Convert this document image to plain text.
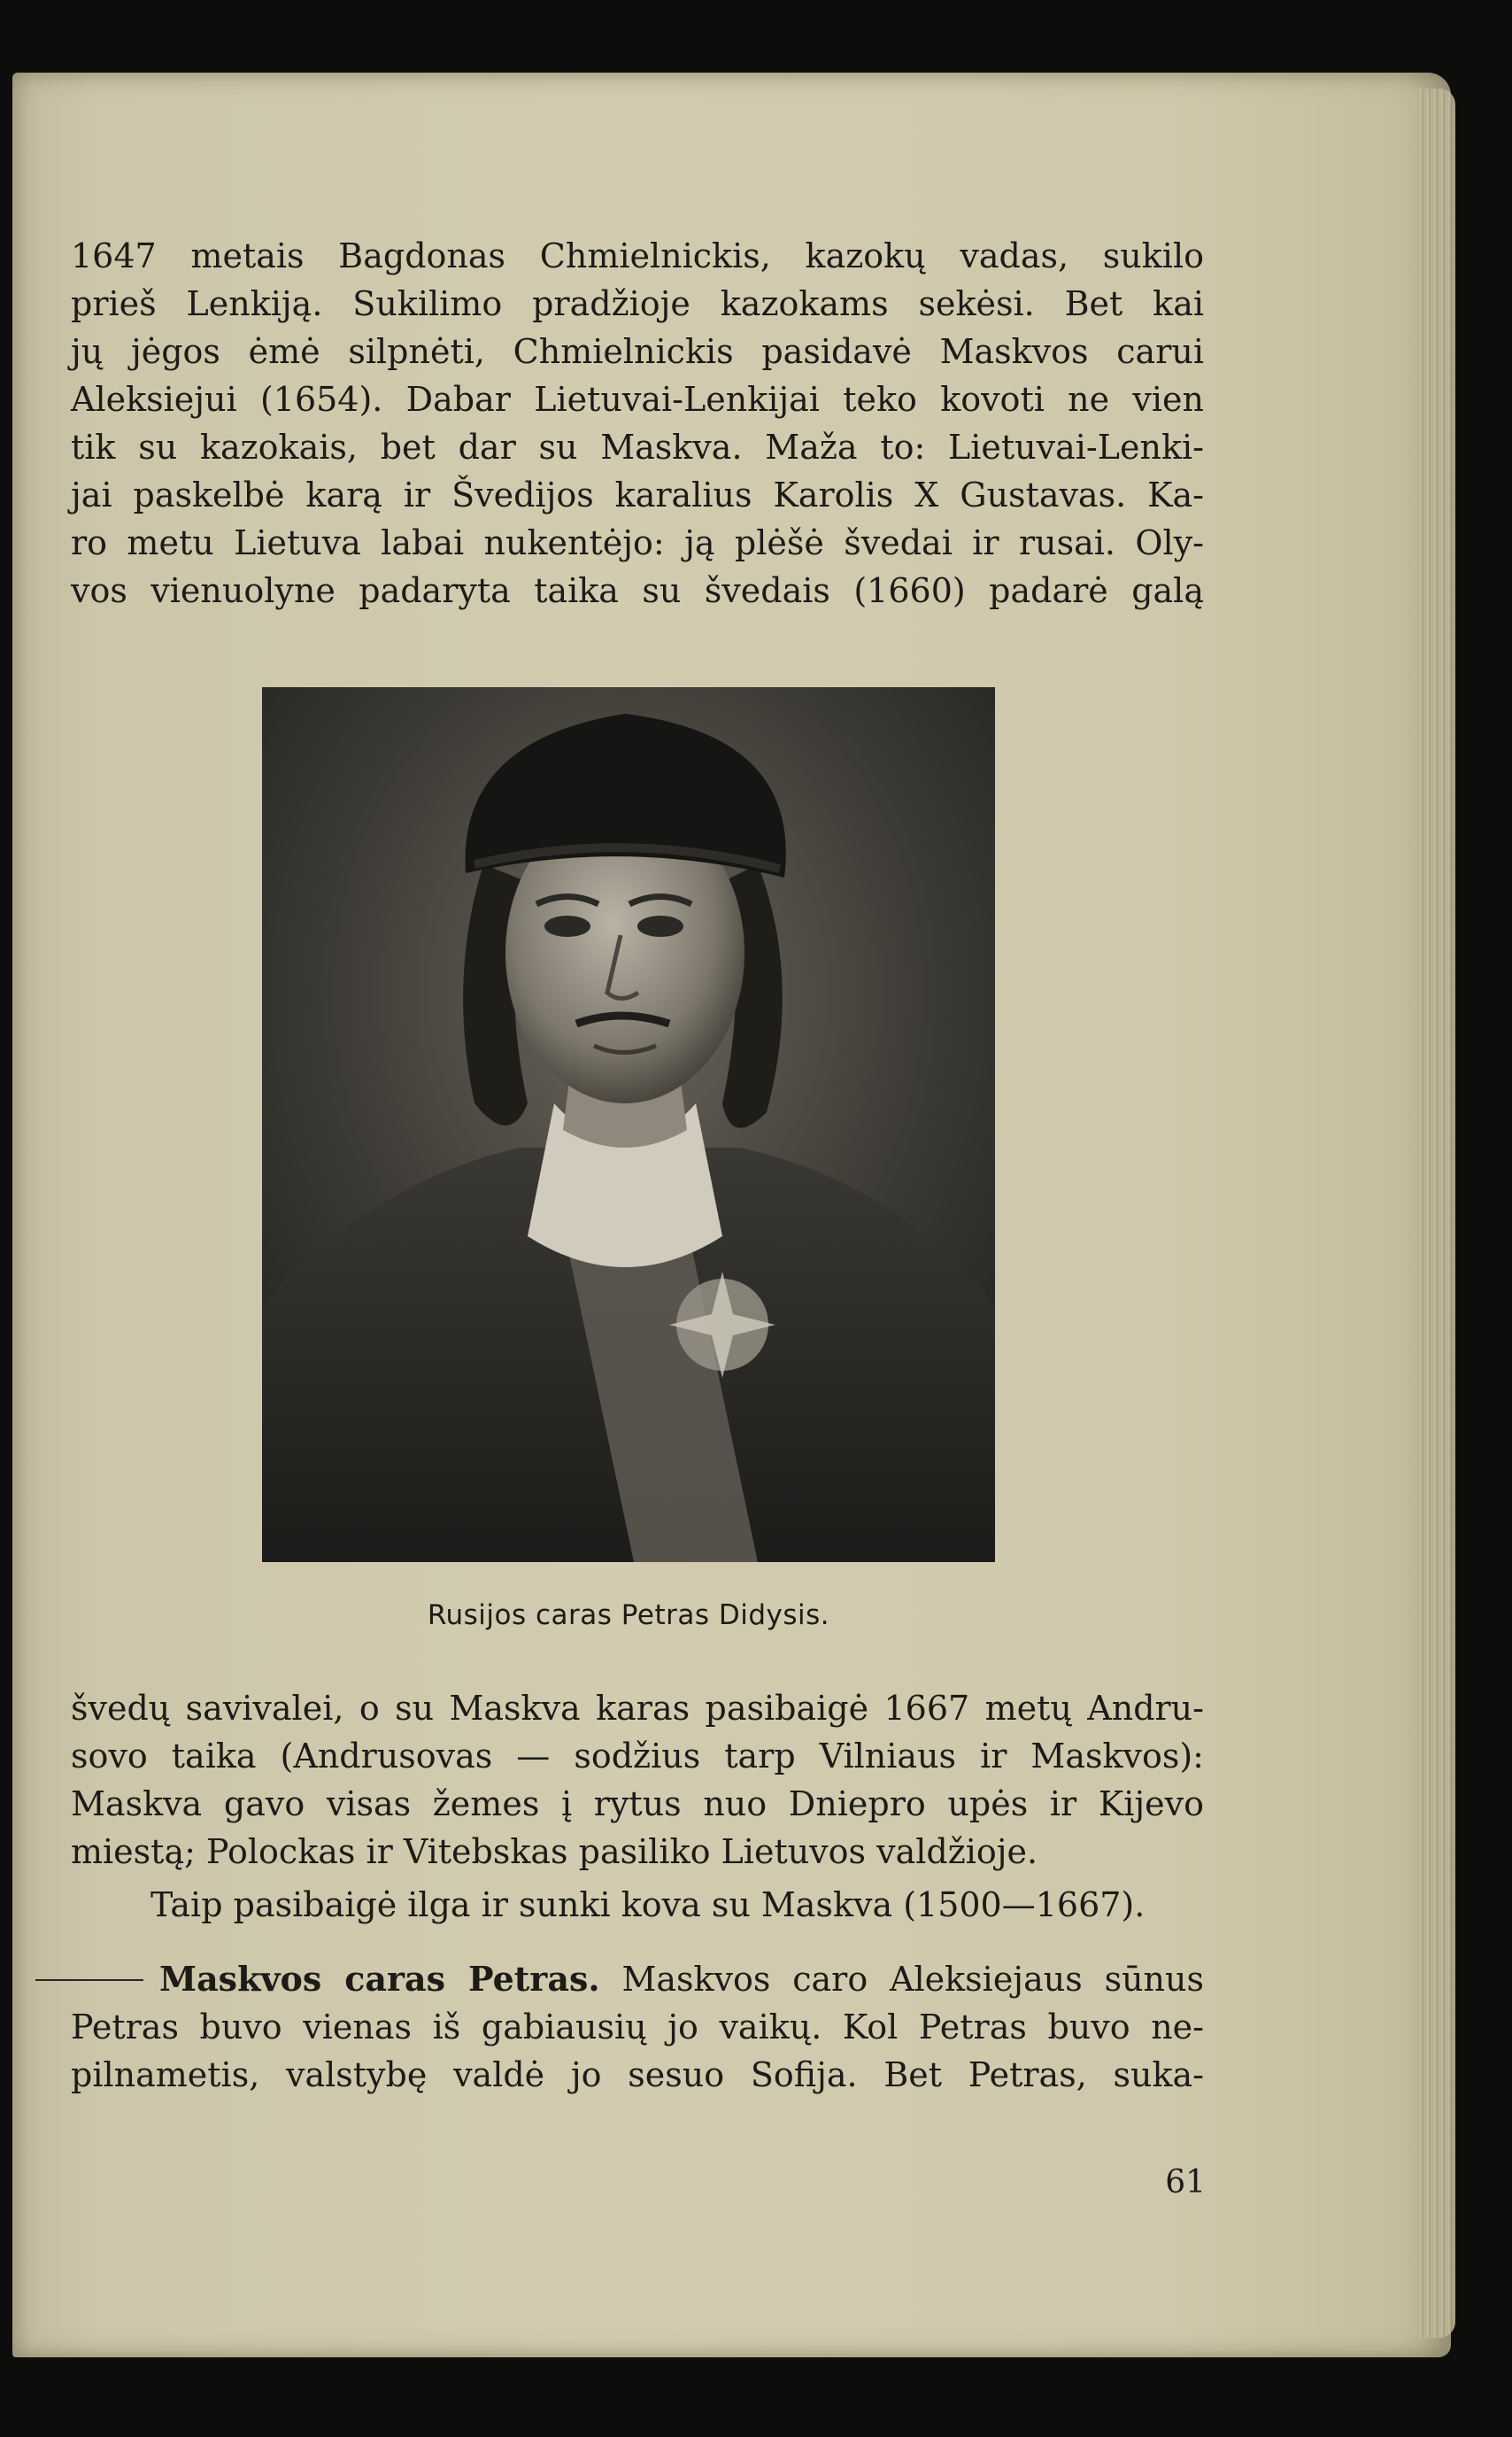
1647 metais Bagdonas Chmielnickis, kazokų vadas, sukilo
prieš Lenkiją. Sukilimo pradžioje kazokams sekėsi. Bet kai
jų jėgos ėmė silpnėti, Chmielnickis pasidavė Maskvos carui
Aleksiejui (1654). Dabar Lietuvai-Lenkijai teko kovoti ne vien
tik su kazokais, bet dar su Maskva. Maža to: Lietuvai-Lenki-
jai paskelbė karą ir Švedijos karalius Karolis X Gustavas. Ka-
ro metu Lietuva labai nukentėjo: ją plėšė švedai ir rusai. Oly-
vos vienuolyne padaryta taika su švedais (1660) padarė galą
Rusijos caras Petras Didysis.
švedų savivalei, o su Maskva karas pasibaigė 1667 metų Andru-
sovo taika (Andrusovas — sodžius tarp Vilniaus ir Maskvos):
Maskva gavo visas žemes į rytus nuo Dniepro upės ir Kijevo
miestą; Polockas ir Vitebskas pasiliko Lietuvos valdžioje.
Taip pasibaigė ilga ir sunki kova su Maskva (1500—1667).
Maskvos caras Petras. Maskvos caro Aleksiejaus sūnus
Petras buvo vienas iš gabiausių jo vaikų. Kol Petras buvo ne-
pilnametis, valstybę valdė jo sesuo Sofija. Bet Petras, suka-
61
